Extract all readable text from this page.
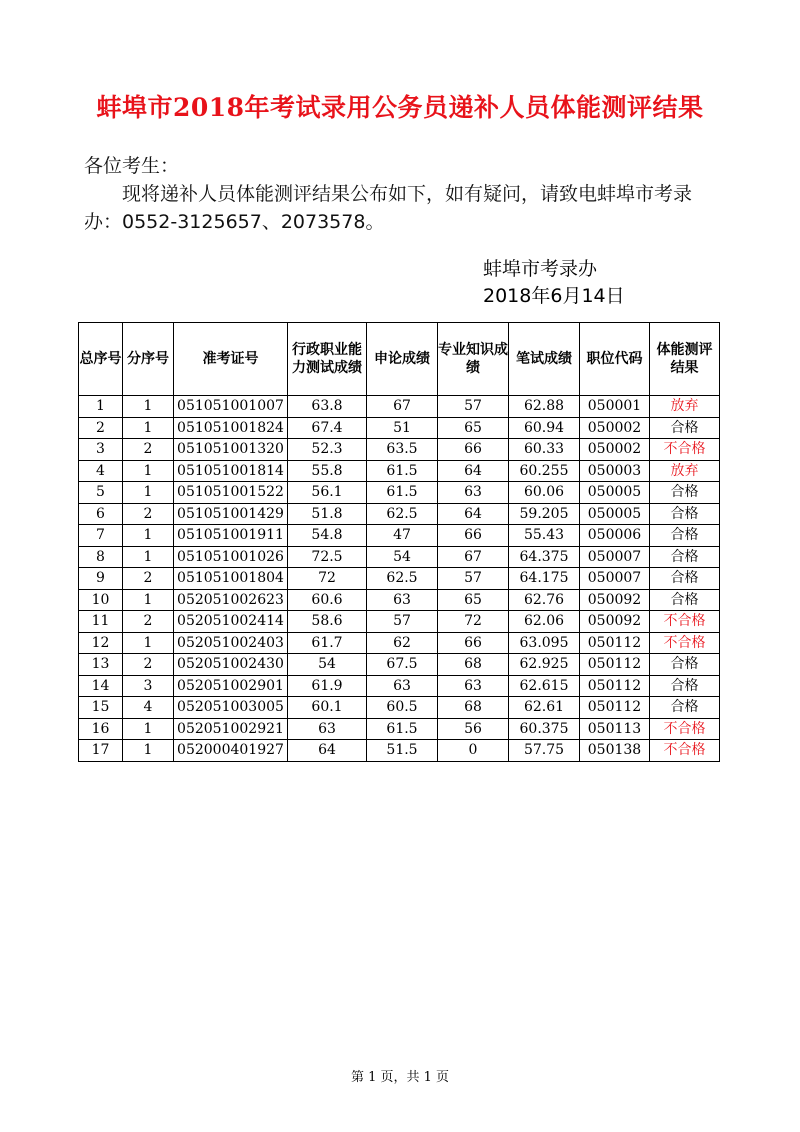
蚌埠市2018年考试录用公务员递补人员体能测评结果
各位考生：
现将递补人员体能测评结果公布如下，如有疑问，请致电蚌埠市考录办：0552-3125657、2073578。
蚌埠市考录办
2018年6月14日
总序号	分序号	准考证号	行政职业能力测试成绩	申论成绩	专业知识成绩	笔试成绩	职位代码	体能测评结果
1	1	051051001007	63.8	67	57	62.88	050001	放弃
2	1	051051001824	67.4	51	65	60.94	050002	合格
3	2	051051001320	52.3	63.5	66	60.33	050002	不合格
4	1	051051001814	55.8	61.5	64	60.255	050003	放弃
5	1	051051001522	56.1	61.5	63	60.06	050005	合格
6	2	051051001429	51.8	62.5	64	59.205	050005	合格
7	1	051051001911	54.8	47	66	55.43	050006	合格
8	1	051051001026	72.5	54	67	64.375	050007	合格
9	2	051051001804	72	62.5	57	64.175	050007	合格
10	1	052051002623	60.6	63	65	62.76	050092	合格
11	2	052051002414	58.6	57	72	62.06	050092	不合格
12	1	052051002403	61.7	62	66	63.095	050112	不合格
13	2	052051002430	54	67.5	68	62.925	050112	合格
14	3	052051002901	61.9	63	63	62.615	050112	合格
15	4	052051003005	60.1	60.5	68	62.61	050112	合格
16	1	052051002921	63	61.5	56	60.375	050113	不合格
17	1	052000401927	64	51.5	0	57.75	050138	不合格
第 1 页，共 1 页
